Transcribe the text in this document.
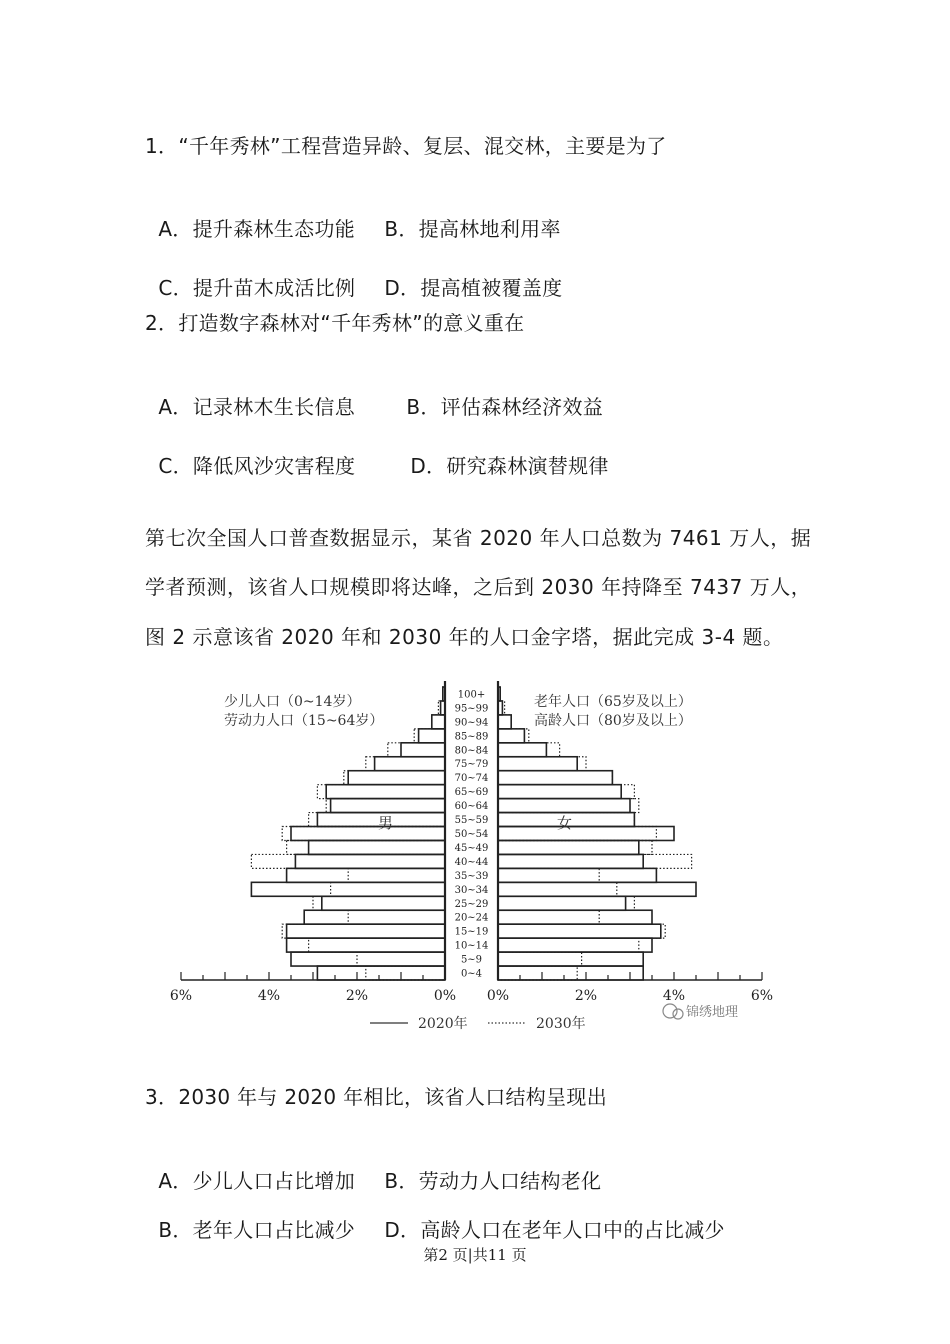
1．“千年秀林”工程营造异龄、复层、混交林，主要是为了

A．提升森林生态功能 B．提高林地利用率

C．提升苗木成活比例 D．提高植被覆盖度

2．打造数字森林对“千年秀林”的意义重在

A．记录林木生长信息	B．评估森林经济效益

C．降低风沙灾害程度	D．研究森林演替规律

第七次全国人口普查数据显示，某省 2020 年人口总数为 7461 万人，据
学者预测，该省人口规模即将达峰，之后到 2030 年持降至 7437 万人，
图 2 示意该省 2020 年和 2030 年的人口金字塔，据此完成 3-4 题。
0~4
5~9
10~14
15~19
20~24
25~29
30~34
35~39
40~44
45~49
50~54
55~59
60~64
65~69
70~74
75~79
80~84
85~89
90~94
95~99
100+
6%	4%	2%	0% 0%	2%	4%	6%
少儿人口（0~14岁）
劳动力人口（15~64岁）
老年人口（65岁及以上）
高龄人口（80岁及以上）
男	女
2020年	2030年
锦绣地理
3．2030 年与 2020 年相比，该省人口结构呈现出

A．少儿人口占比增加 B．劳动力人口结构老化

B．老年人口占比减少 D．高龄人口在老年人口中的占比减少

第2 页|共11 页
